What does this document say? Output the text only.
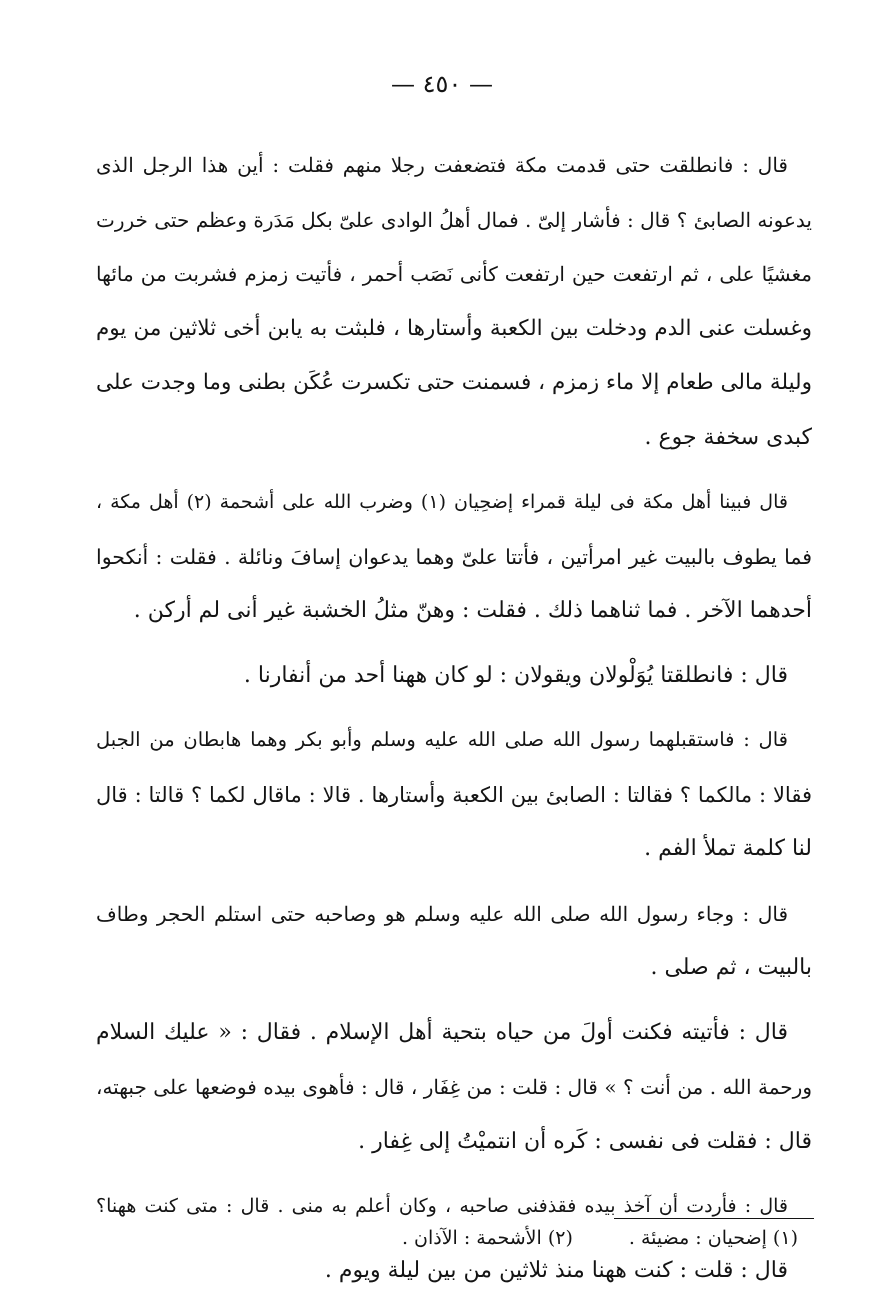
— ٤٥٠ —
قال : فانطلقت حتى قدمت مكة فتضعفت رجلا منهم فقلت : أين هذا الرجل الذى
يدعونه الصابئ ؟ قال : فأشار إلىّ . فمال أهلُ الوادى علىّ بكل مَدَرة وعظم حتى خررت
مغشيًا على ، ثم ارتفعت حين ارتفعت كأنى نَصَب أحمر ، فأتيت زمزم فشربت من مائها
وغسلت عنى الدم ودخلت بين الكعبة وأستارها ، فلبثت به يابن أخى ثلاثين من يوم
وليلة مالى طعام إلا ماء زمزم ، فسمنت حتى تكسرت عُكَن بطنى وما وجدت على
كبدى سخفة جوع .
قال فبينا أهل مكة فى ليلة قمراء إضحِيان (١) وضرب الله على أشحمة (٢) أهل مكة ،
فما يطوف بالبيت غير امرأتين ، فأتتا علىّ وهما يدعوان إسافَ ونائلة . فقلت : أنكحوا
أحدهما الآخر . فما ثناهما ذلك . فقلت : وهنّ مثلُ الخشبة غير أنى لم أركن .
قال : فانطلقتا يُوَلْولان ويقولان : لو كان ههنا أحد من أنفارنا .
قال : فاستقبلهما رسول الله صلى الله عليه وسلم وأبو بكر وهما هابطان من الجبل
فقالا : مالكما ؟ فقالتا : الصابئ بين الكعبة وأستارها . قالا : ماقال لكما ؟ قالتا : قال
لنا كلمة تملأ الفم .
قال : وجاء رسول الله صلى الله عليه وسلم هو وصاحبه حتى استلم الحجر وطاف
بالبيت ، ثم صلى .
قال : فأتيته فكنت أولَ من حياه بتحية أهل الإسلام . فقال : « عليك السلام
ورحمة الله . من أنت ؟ » قال : قلت : من غِفَار ، قال : فأهوى بيده فوضعها على جبهته،
قال : فقلت فى نفسى : كَره أن انتميْتُ إلى غِفار .
قال : فأردت أن آخذ بيده فقذفنى صاحبه ، وكان أعلم به منى . قال : متى كنت ههنا؟
قال : قلت : كنت ههنا منذ ثلاثين من بين ليلة ويوم .
(١) إضحيان : مضيئة .
(٢) الأشحمة : الآذان .
